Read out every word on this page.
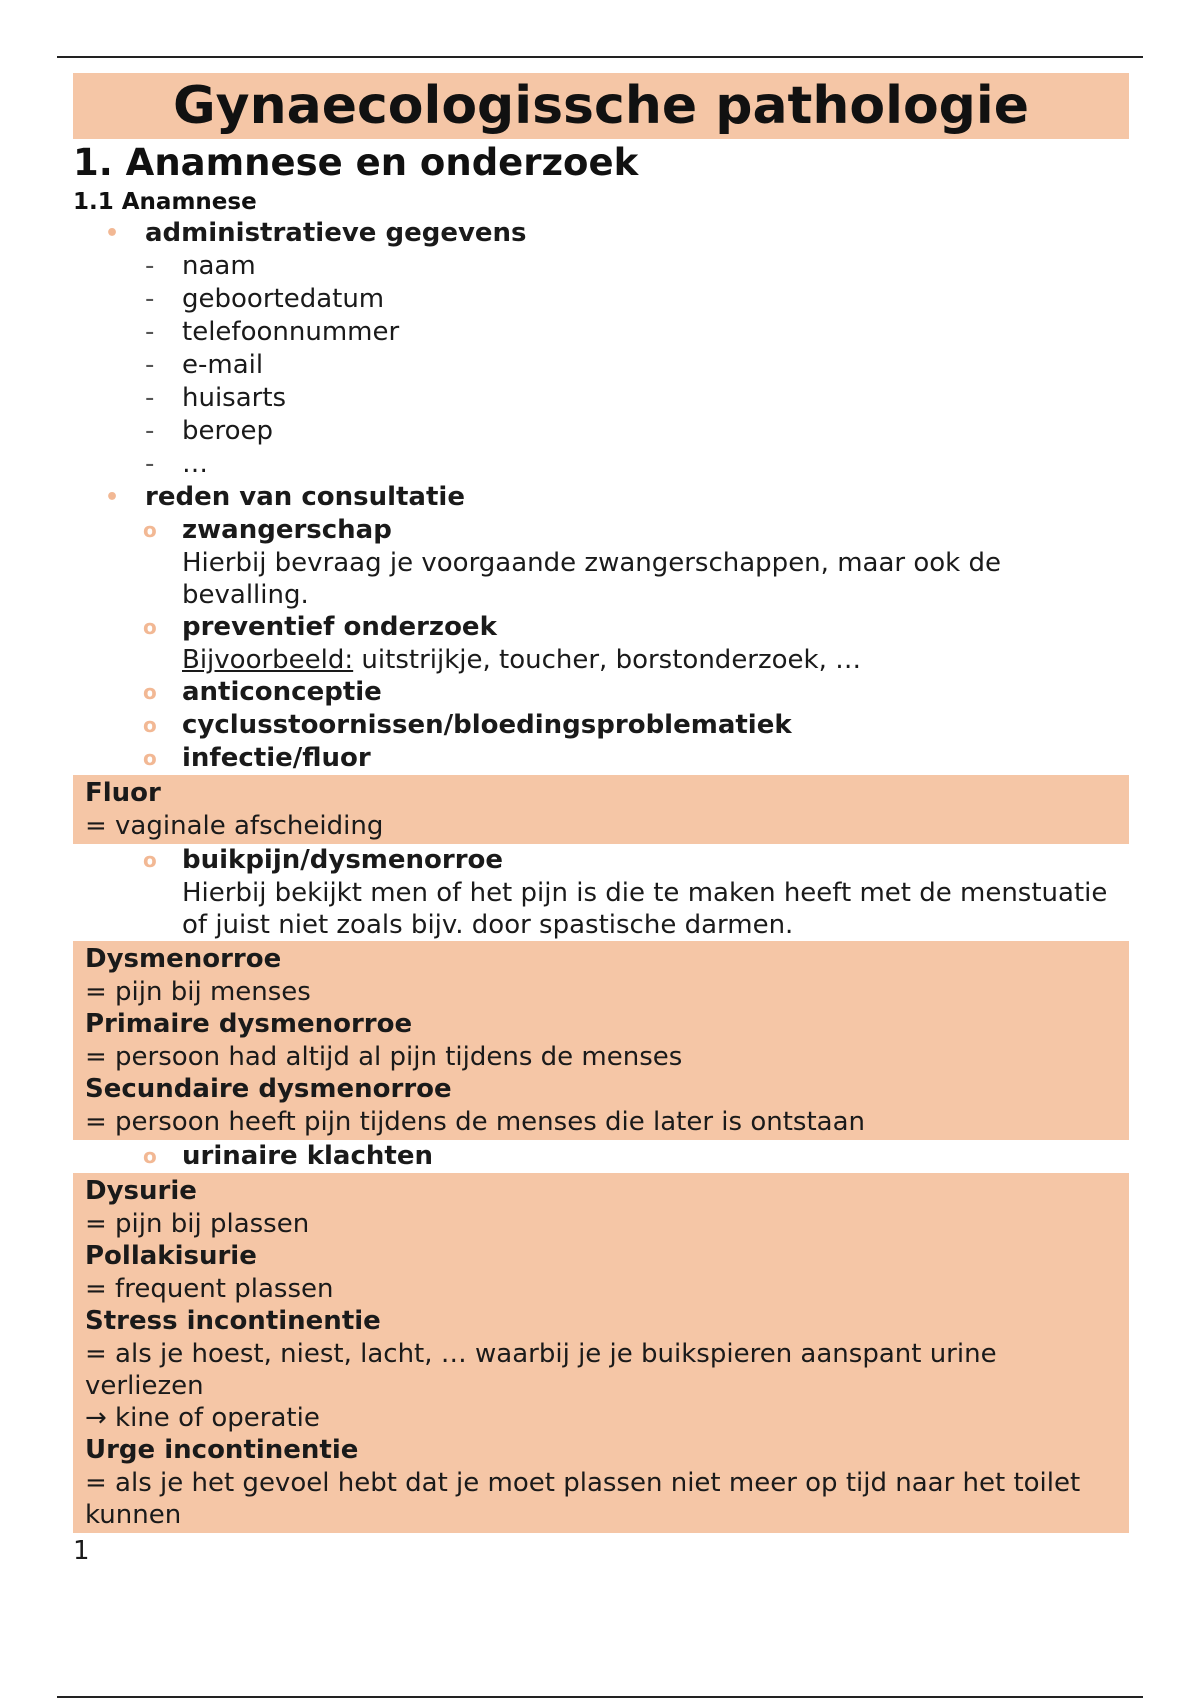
Gynaecologissche pathologie
1. Anamnese en onderzoek
1.1 Anamnese
• administratieve gegevens
- naam
- geboortedatum
- telefoonnummer
- e-mail
- huisarts
- beroep
- …
• reden van consultatie
o zwangerschap
Hierbij bevraag je voorgaande zwangerschappen, maar ook de bevalling.
o preventief onderzoek
Bijvoorbeeld: uitstrijkje, toucher, borstonderzoek, …
o anticonceptie
o cyclusstoornissen/bloedingsproblematiek
o infectie/fluor
Fluor
= vaginale afscheiding
o buikpijn/dysmenorroe
Hierbij bekijkt men of het pijn is die te maken heeft met de menstuatie of juist niet zoals bijv. door spastische darmen.
Dysmenorroe
= pijn bij menses
Primaire dysmenorroe
= persoon had altijd al pijn tijdens de menses
Secundaire dysmenorroe
= persoon heeft pijn tijdens de menses die later is ontstaan
o urinaire klachten
Dysurie
= pijn bij plassen
Pollakisurie
= frequent plassen
Stress incontinentie
= als je hoest, niest, lacht, … waarbij je je buikspieren aanspant urine verliezen
→ kine of operatie
Urge incontinentie
= als je het gevoel hebt dat je moet plassen niet meer op tijd naar het toilet kunnen
1
